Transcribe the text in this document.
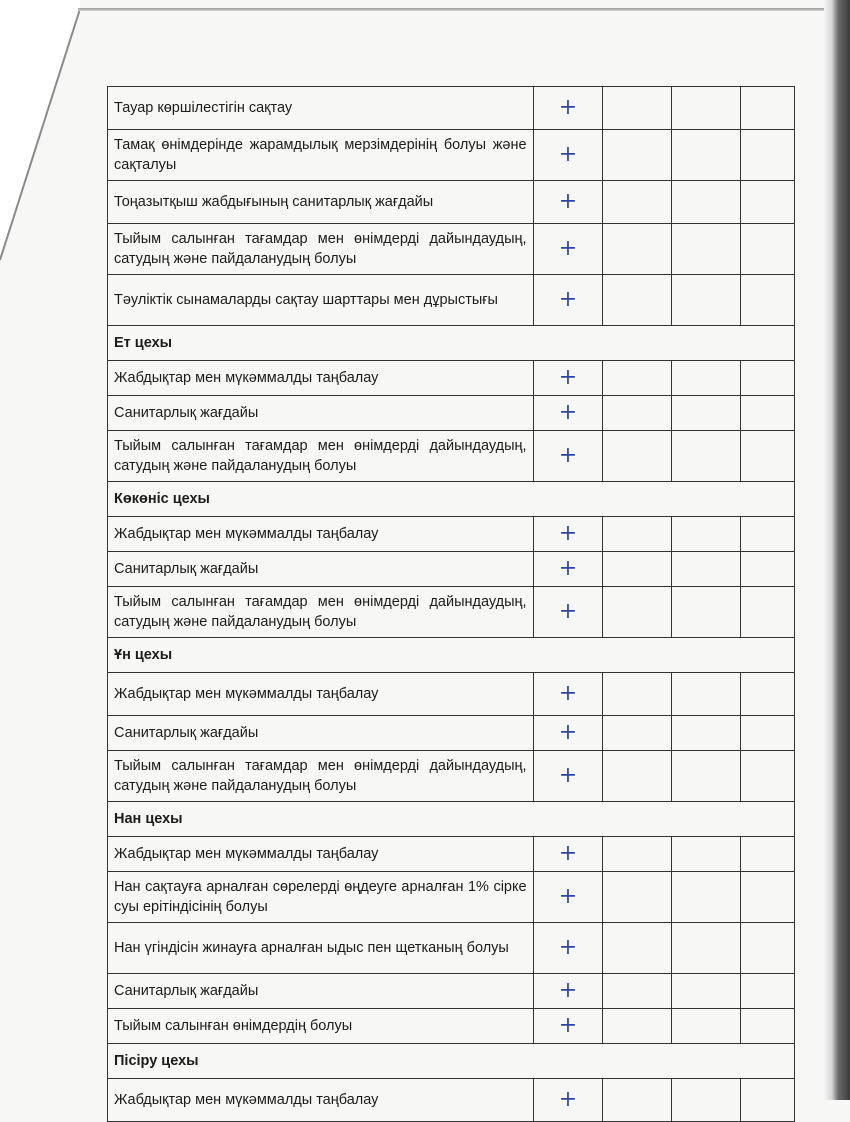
Тауар көршілестігін сақтау	+			
Тамақ өнімдерінде жарамдылық мерзімдерінің болуы және сақталуы	+			
Тоңазытқыш жабдығының санитарлық жағдайы	+			
Тыйым салынған тағамдар мен өнімдерді дайындаудың, сатудың және пайдаланудың болуы	+			
Тәуліктік сынамаларды сақтау шарттары мен дұрыстығы	+			
Ет цехы				
Жабдықтар мен мүкәммалды таңбалау	+			
Санитарлық жағдайы	+			
Тыйым салынған тағамдар мен өнімдерді дайындаудың, сатудың және пайдаланудың болуы	+			
Көкөніс цехы				
Жабдықтар мен мүкәммалды таңбалау	+			
Санитарлық жағдайы	+			
Тыйым салынған тағамдар мен өнімдерді дайындаудың, сатудың және пайдаланудың болуы	+			
Ұн цехы				
Жабдықтар мен мүкәммалды таңбалау	+			
Санитарлық жағдайы	+			
Тыйым салынған тағамдар мен өнімдерді дайындаудың, сатудың және пайдаланудың болуы	+			
Нан цехы				
Жабдықтар мен мүкәммалды таңбалау	+			
Нан сақтауға арналған сөрелерді өңдеуге арналған 1% сірке суы ерітіндісінің болуы	+			
Нан үгіндісін жинауға арналған ыдыс пен щетканың болуы	+			
Санитарлық жағдайы	+			
Тыйым салынған өнімдердің болуы	+			
Пісіру цехы				
Жабдықтар мен мүкәммалды таңбалау	+			
